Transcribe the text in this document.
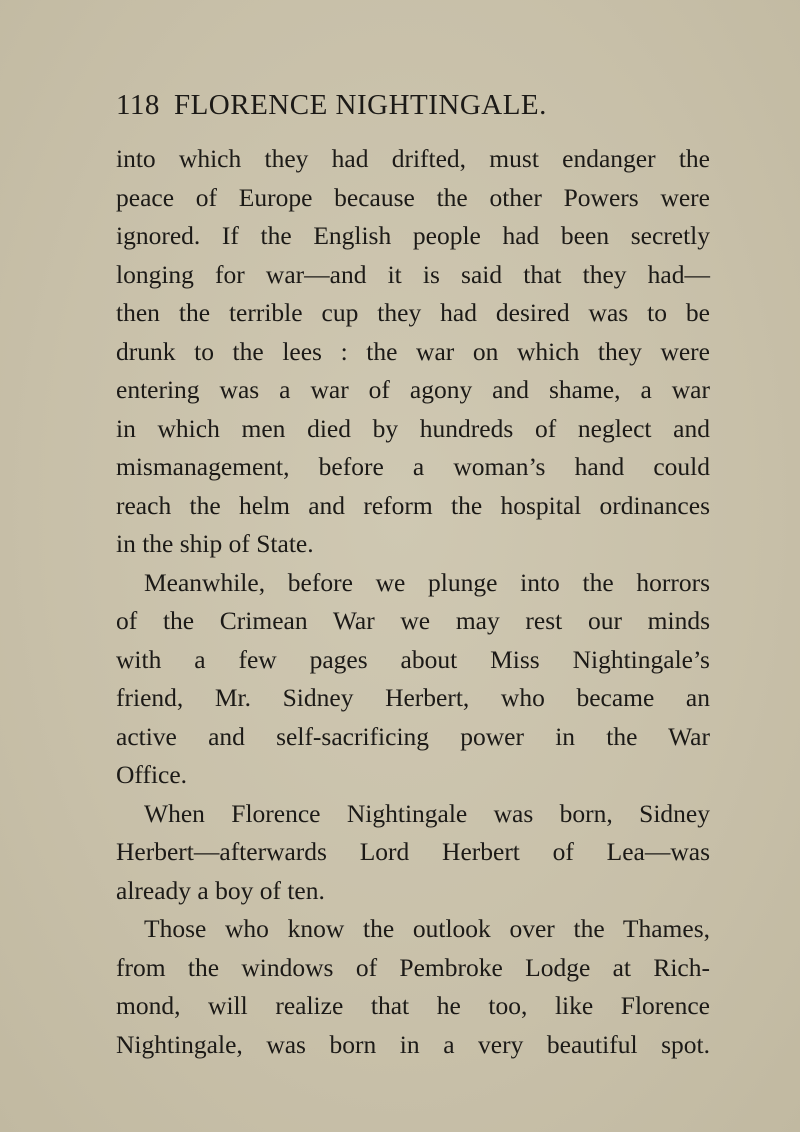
118 FLORENCE NIGHTINGALE.
into which they had drifted, must endanger the
peace of Europe because the other Powers were
ignored. If the English people had been secretly
longing for war—and it is said that they had—
then the terrible cup they had desired was to be
drunk to the lees : the war on which they were
entering was a war of agony and shame, a war
in which men died by hundreds of neglect and
mismanagement, before a woman’s hand could
reach the helm and reform the hospital ordinances
in the ship of State.
Meanwhile, before we plunge into the horrors
of the Crimean War we may rest our minds
with a few pages about Miss Nightingale’s
friend, Mr. Sidney Herbert, who became an
active and self-sacrificing power in the War
Office.
When Florence Nightingale was born, Sidney
Herbert—afterwards Lord Herbert of Lea—was
already a boy of ten.
Those who know the outlook over the Thames,
from the windows of Pembroke Lodge at Rich-
mond, will realize that he too, like Florence
Nightingale, was born in a very beautiful spot.
